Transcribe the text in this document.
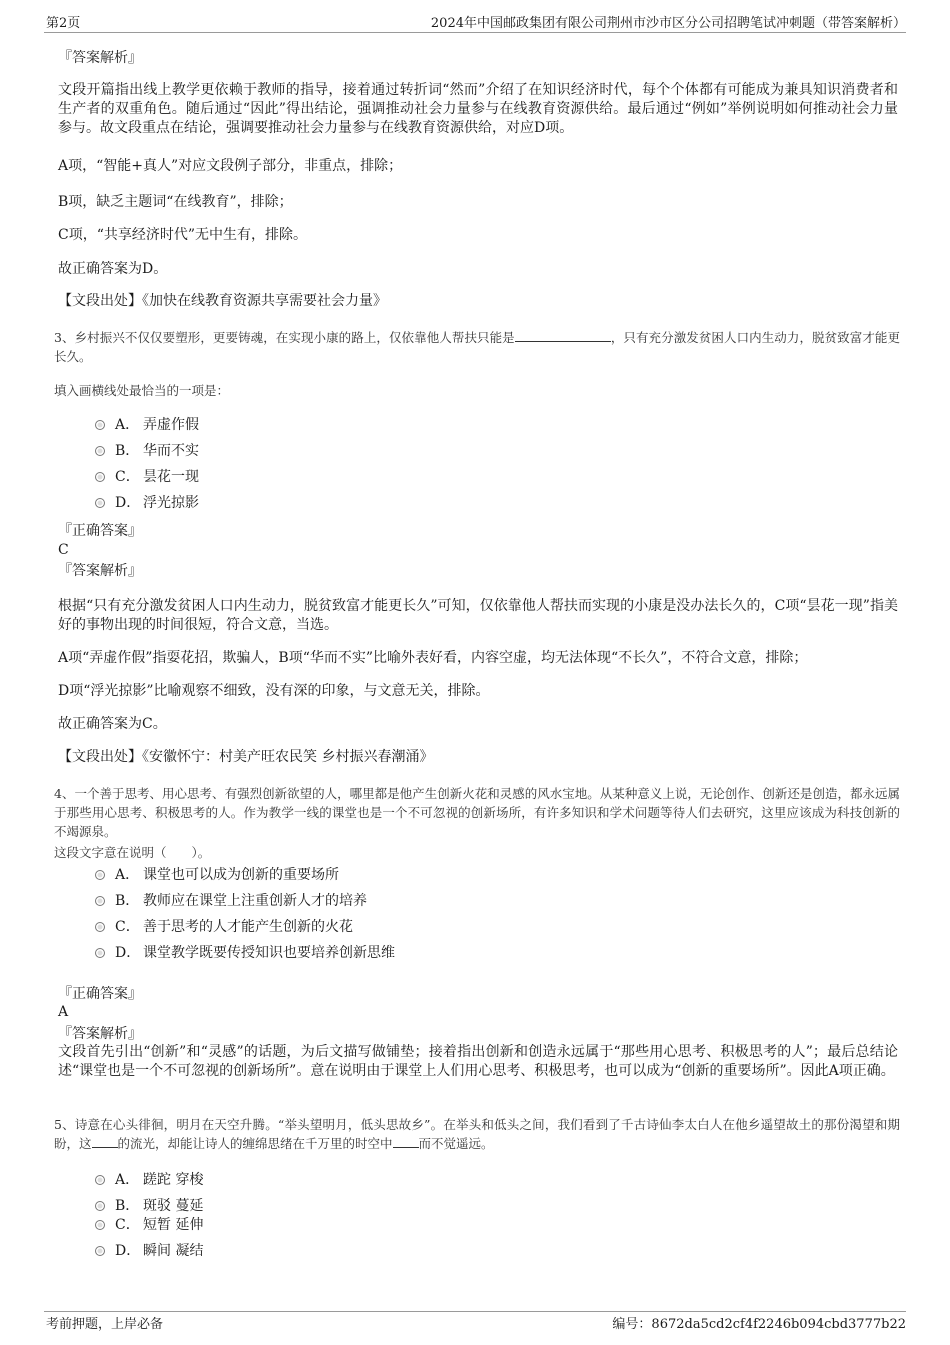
第2页	2024年中国邮政集团有限公司荆州市沙市区分公司招聘笔试冲刺题（带答案解析）
『答案解析』
文段开篇指出线上教学更依赖于教师的指导，接着通过转折词“然而”介绍了在知识经济时代，每个个体都有可能成为兼具知识消费者和生产者的双重角色。随后通过“因此”得出结论，强调推动社会力量参与在线教育资源供给。最后通过“例如”举例说明如何推动社会力量参与。故文段重点在结论，强调要推动社会力量参与在线教育资源供给，对应D项。
A项，“智能+真人”对应文段例子部分，非重点，排除；
B项，缺乏主题词“在线教育”，排除；
C项，“共享经济时代”无中生有，排除。
故正确答案为D。
【文段出处】《加快在线教育资源共享需要社会力量》
3、乡村振兴不仅仅要塑形，更要铸魂，在实现小康的路上，仅依靠他人帮扶只能是	，只有充分激发贫困人口内生动力，脱贫致富才能更长久。
填入画横线处最恰当的一项是：
A． 弄虚作假
B． 华而不实
C． 昙花一现
D． 浮光掠影
『正确答案』
C
『答案解析』
根据“只有充分激发贫困人口内生动力，脱贫致富才能更长久”可知，仅依靠他人帮扶而实现的小康是没办法长久的，C项“昙花一现”指美好的事物出现的时间很短，符合文意，当选。
A项“弄虚作假”指耍花招，欺骗人，B项“华而不实”比喻外表好看，内容空虚，均无法体现“不长久”，不符合文意，排除；
D项“浮光掠影”比喻观察不细致，没有深的印象，与文意无关，排除。
故正确答案为C。
【文段出处】《安徽怀宁：村美产旺农民笑 乡村振兴春潮涌》
4、一个善于思考、用心思考、有强烈创新欲望的人，哪里都是他产生创新火花和灵感的风水宝地。从某种意义上说，无论创作、创新还是创造，都永远属于那些用心思考、积极思考的人。作为教学一线的课堂也是一个不可忽视的创新场所，有许多知识和学术问题等待人们去研究，这里应该成为科技创新的不竭源泉。
这段文字意在说明（　　）。
A． 课堂也可以成为创新的重要场所
B． 教师应在课堂上注重创新人才的培养
C． 善于思考的人才能产生创新的火花
D． 课堂教学既要传授知识也要培养创新思维
『正确答案』
A
『答案解析』
文段首先引出“创新”和“灵感”的话题，为后文描写做铺垫；接着指出创新和创造永远属于“那些用心思考、积极思考的人”；最后总结论述“课堂也是一个不可忽视的创新场所”。意在说明由于课堂上人们用心思考、积极思考，也可以成为“创新的重要场所”。因此A项正确。
5、诗意在心头徘徊，明月在天空升腾。“举头望明月，低头思故乡”。在举头和低头之间，我们看到了千古诗仙李太白人在他乡遥望故土的那份渴望和期盼，这 的流光，却能让诗人的缠绵思绪在千万里的时空中 而不觉遥远。
A． 蹉跎 穿梭
B． 斑驳 蔓延
C． 短暂 延伸
D． 瞬间 凝结
考前押题，上岸必备	编号：8672da5cd2cf4f2246b094cbd3777b22
